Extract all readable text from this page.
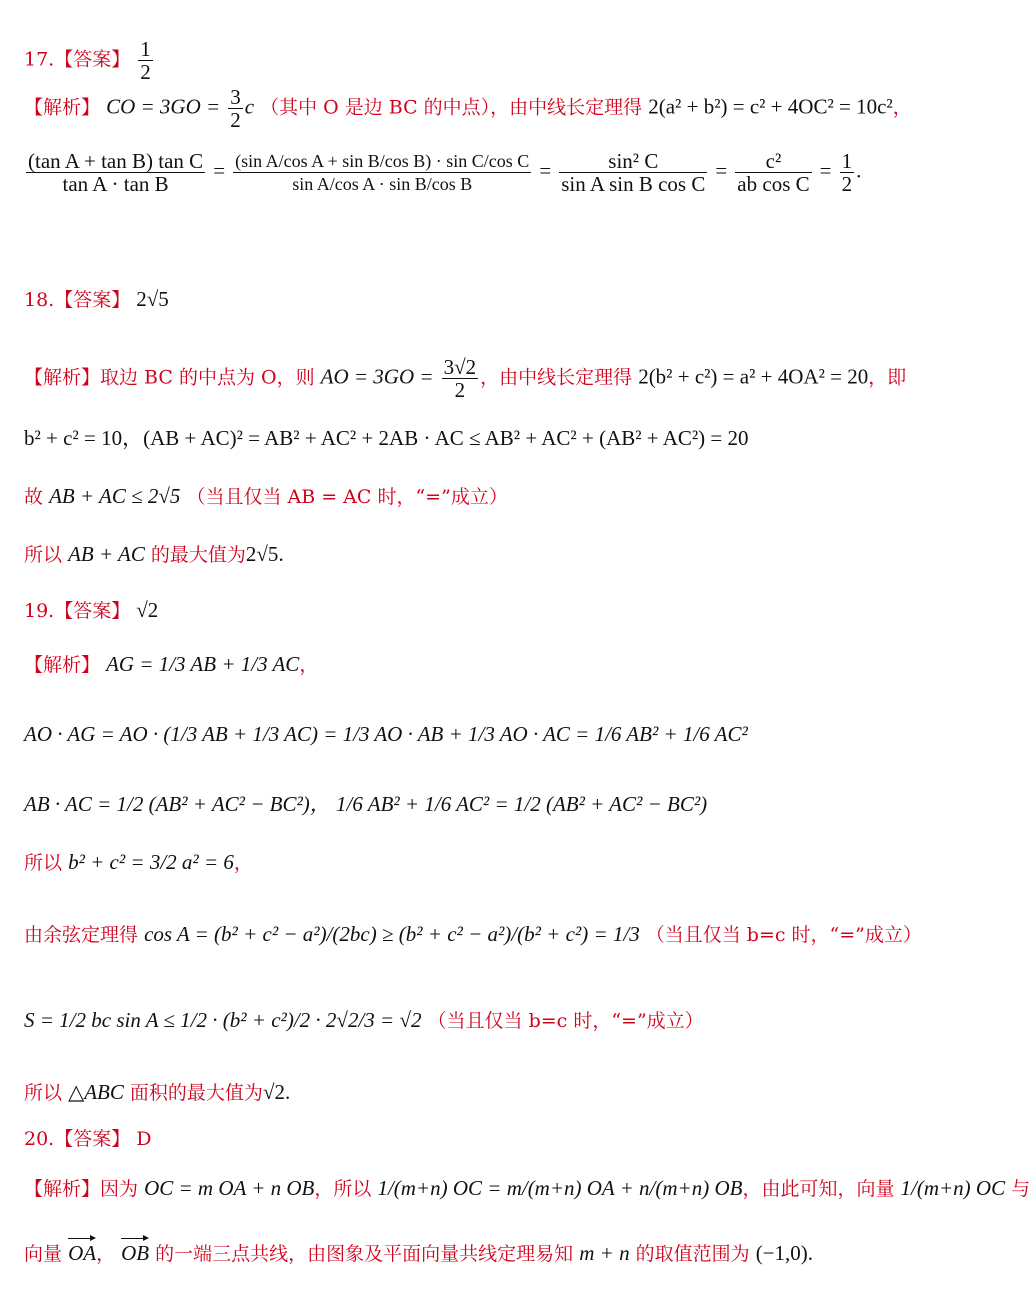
17.【答案】 $\frac{1}{2}$
【解析】 CO = $3GO = \frac{3}{2}$ c （其中 O 是边 BC 的中点），由中线长定理得 2(a² + b²) = c² + 4OC² = 10c²，
$\frac{\text{(tan A + tan B) tan C}}{\text{tan A · tan B}} = \frac{\text{(sin A/cos A + sin B/cos B) · sin C/cos C}}{\text{sin A/cos A · sin B/cos B}} = \frac{\text{sin² C}}{\text{sin A sin B cos C}} = \frac{\text{c²}}{\text{ab cos C}} = \frac{1}{2}$ .
18.【答案】 2√5
【解析】取边 BC 的中点为 O，则 AO = $3GO = \frac{3√2}{2}$ ，由中线长定理得 2(b² + c²) = a² + 4OA² = 20，即
b² + c² = 10，(AB + AC)² = AB² + AC² + 2AB · AC ≤ AB² + AC² + (AB² + AC²) = 20
故 AB + AC ≤ 2√5 （当且仅当 AB = AC 时，“=”成立）
所以 AB + AC 的最大值为2√5.
19.【答案】 √2
【解析】 AG = 1/3 AB + 1/3 AC，
AO · AG = AO · (1/3 AB + 1/3 AC) = 1/3 AO · AB + 1/3 AO · AC = 1/6 AB² + 1/6 AC²
AB · AC = 1/2 (AB² + AC² − BC²)， 1/6 AB² + 1/6 AC² = 1/2 (AB² + AC² − BC²)
所以 b² + c² = 3/2 a² = 6，
由余弦定理得 cos A = (b² + c² − a²)/(2bc) ≥ (b² + c² − a²)/(b² + c²) = 1/3 （当且仅当 b=c 时，“=”成立）
S = 1/2 bc sin A ≤ 1/2 · (b² + c²)/2 · 2√2/3 = √2 （当且仅当 b=c 时，“=”成立）
所以 △ABC 面积的最大值为√2.
20.【答案】 D
【解析】因为 OC = m OA + n OB，所以 1/(m+n) OC = m/(m+n) OA + n/(m+n) OB，由此可知，向量 1/(m+n) OC 与
向量 OA， OB 的一端三点共线，由图象及平面向量共线定理易知 m + n 的取值范围为 (−1,0).
